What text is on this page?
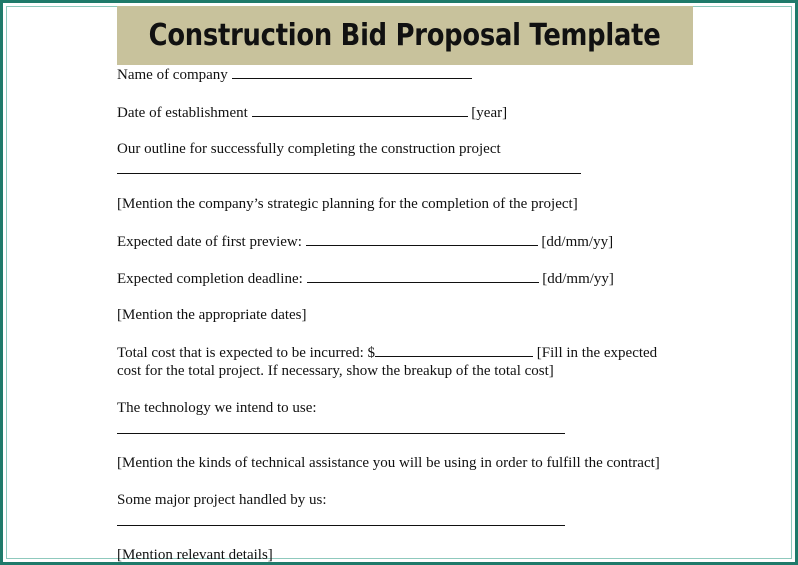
Construction Bid Proposal Template
Name of company
Date of establishment	[year]
Our outline for successfully completing the construction project
[Mention the company’s strategic planning for the completion of the project]
Expected date of first preview:	[dd/mm/yy]
Expected completion deadline:	[dd/mm/yy]
[Mention the appropriate dates]
Total cost that is expected to be incurred: $	[Fill in the expected
cost for the total project. If necessary, show the breakup of the total cost]
The technology we intend to use:
[Mention the kinds of technical assistance you will be using in order to fulfill the contract]
Some major project handled by us:
[Mention relevant details]
